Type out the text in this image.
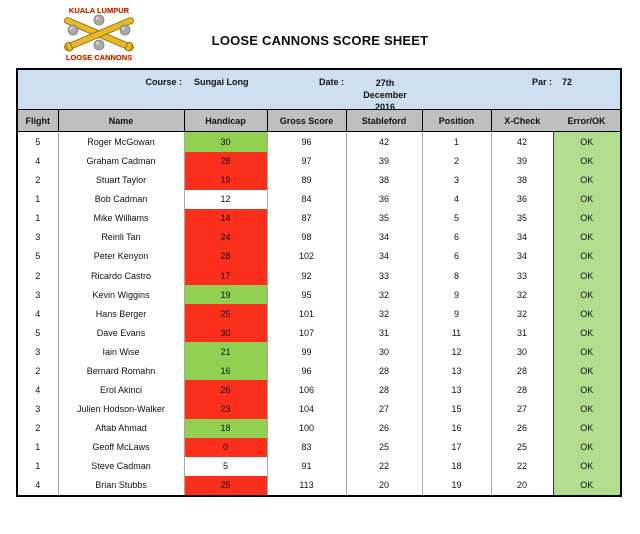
KUALA LUMPUR
LOOSE CANNONS
LOOSE CANNONS SCORE SHEET
Course : Sungai Long	Date :	27th
December
2016
Par : 72
Flight	Name	Handicap	Gross Score	Stableford	Position	X-Check	Error/OK
5	Roger McGowan	30	96	42	1	42	OK
4	Graham Cadman	28	97	39	2	39	OK
2	Stuart Taylor	19	89	38	3	38	OK
1	Bob Cadman	12	84	36	4	36	OK
1	Mike Williams	14	87	35	5	35	OK
3	Reinli Tan	24	98	34	6	34	OK
5	Peter Kenyon	28	102	34	6	34	OK
2	Ricardo Castro	17	92	33	8	33	OK
3	Kevin Wiggins	19	95	32	9	32	OK
4	Hans Berger	25	101	32	9	32	OK
5	Dave Evans	30	107	31	11	31	OK
3	Iain Wise	21	99	30	12	30	OK
2	Bernard Romahn	16	96	28	13	28	OK
4	Erol Akinci	26	106	28	13	28	OK
3	Julien Hodson-Walker	23	104	27	15	27	OK
2	Aftab Ahmad	18	100	26	16	26	OK
1	Geoff McLaws	0	83	25	17	25	OK
1	Steve Cadman	5	91	22	18	22	OK
4	Brian Stubbs	25	113	20	19	20	OK
